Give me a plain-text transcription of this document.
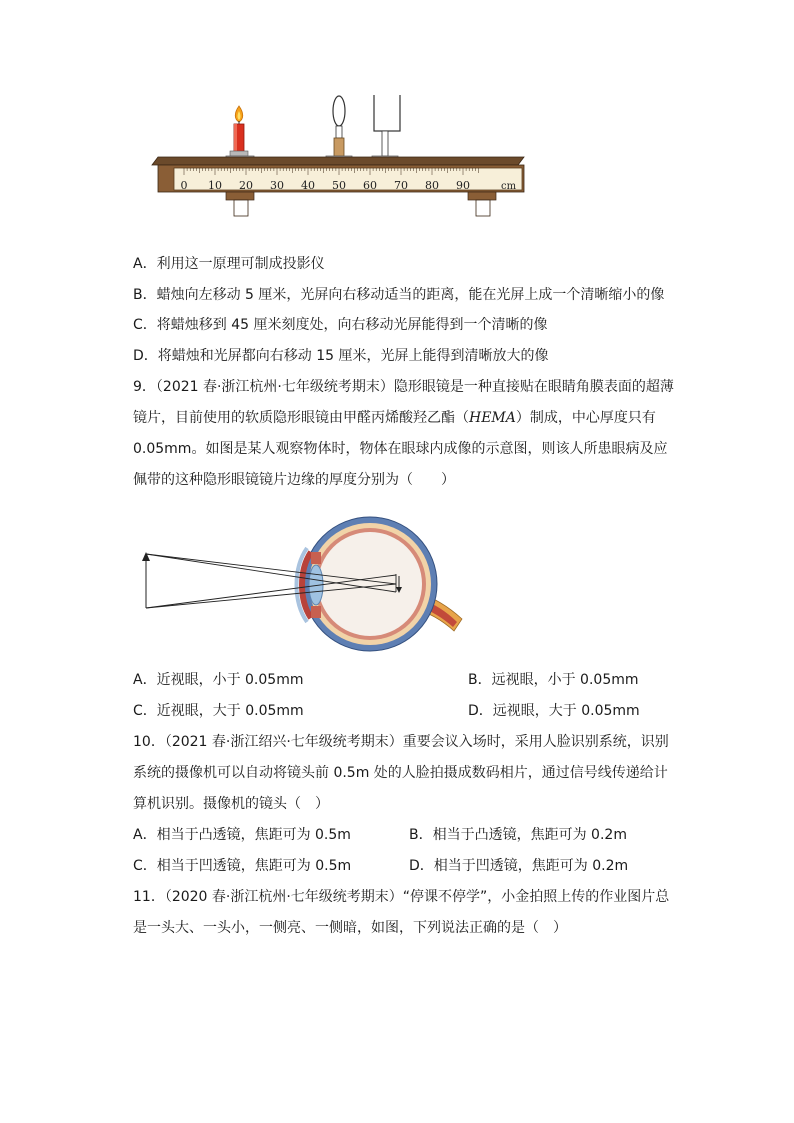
0 10 20 30 40 50 60 70 80 90	cm
A．利用这一原理可制成投影仪
B．蜡烛向左移动 5 厘米，光屏向右移动适当的距离，能在光屏上成一个清晰缩小的像
C．将蜡烛移到 45 厘米刻度处，向右移动光屏能得到一个清晰的像
D．将蜡烛和光屏都向右移动 15 厘米，光屏上能得到清晰放大的像
9．（2021 春·浙江杭州·七年级统考期末）隐形眼镜是一种直接贴在眼睛角膜表面的超薄
镜片，目前使用的软质隐形眼镜由甲醛丙烯酸羟乙酯（HEMA）制成，中心厚度只有
0.05mm。如图是某人观察物体时，物体在眼球内成像的示意图，则该人所患眼病及应
佩带的这种隐形眼镜镜片边缘的厚度分别为（　　）
A．近视眼，小于 0.05mm	B．远视眼，小于 0.05mm
C．近视眼，大于 0.05mm	D．远视眼，大于 0.05mm
10．（2021 春·浙江绍兴·七年级统考期末）重要会议入场时，采用人脸识别系统，识别
系统的摄像机可以自动将镜头前 0.5m 处的人脸拍摄成数码相片，通过信号线传递给计
算机识别。摄像机的镜头（　）
A．相当于凸透镜，焦距可为 0.5m	B．相当于凸透镜，焦距可为 0.2m
C．相当于凹透镜，焦距可为 0.5m	D．相当于凹透镜，焦距可为 0.2m
11．（2020 春·浙江杭州·七年级统考期末）“停课不停学”，小金拍照上传的作业图片总
是一头大、一头小，一侧亮、一侧暗，如图，下列说法正确的是（　）
